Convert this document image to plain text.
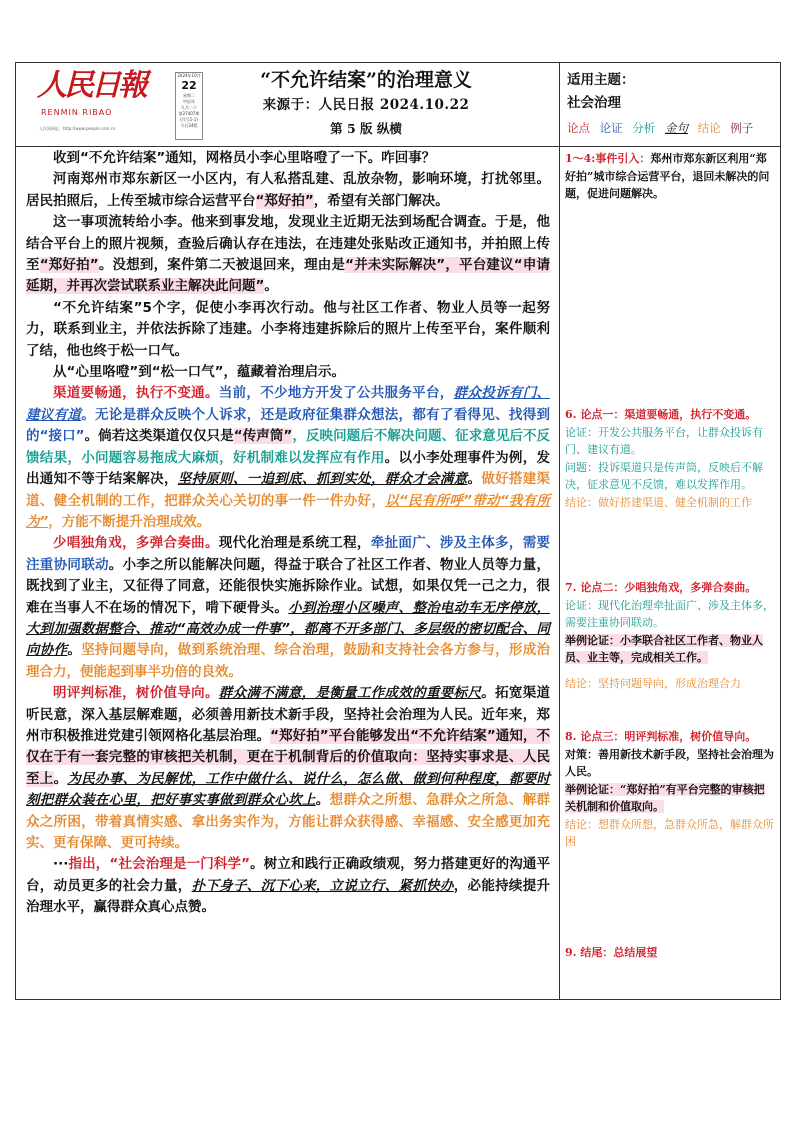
人民日報
RENMIN RIBAO
人民网网址：http://www.people.com.cn
2024年10月
22
星期二
甲辰年
九月二十
第27407期
(代号1-1)
今日24版
“不允许结案”的治理意义
来源于：人民日报 2024.10.22
第 5 版 纵横
适用主题：
社会治理
论点 论证 分析 金句 结论 例子

收到“不允许结案”通知，网格员小李心里咯噔了一下。咋回事？

河南郑州市郑东新区一小区内，有人私搭乱建、乱放杂物，影响环境，打扰邻里。居民拍照后，上传至城市综合运营平台“郑好拍”，希望有关部门解决。

这一事项流转给小李。他来到事发地，发现业主近期无法到场配合调查。于是，他结合平台上的照片视频，查验后确认存在违法，在违建处张贴改正通知书，并拍照上传至“郑好拍”。没想到，案件第二天被退回来，理由是“并未实际解决”，平台建议“申请延期，并再次尝试联系业主解决此问题”。

“不允许结案”5个字，促使小李再次行动。他与社区工作者、物业人员等一起努力，联系到业主，并依法拆除了违建。小李将违建拆除后的照片上传至平台，案件顺利了结，他也终于松一口气。

从“心里咯噔”到“松一口气”，蕴藏着治理启示。

渠道要畅通，执行不变通。当前，不少地方开发了公共服务平台，群众投诉有门、建议有道。无论是群众反映个人诉求，还是政府征集群众想法，都有了看得见、找得到的“接口”。倘若这类渠道仅仅只是“传声筒”，反映问题后不解决问题、征求意见后不反馈结果，小问题容易拖成大麻烦，好机制难以发挥应有作用。以小李处理事件为例，发出通知不等于结案解决，坚持原则、一追到底、抓到实处，群众才会满意。做好搭建渠道、健全机制的工作，把群众关心关切的事一件一件办好，以“民有所呼”带动“我有所为”，方能不断提升治理成效。

少唱独角戏，多弹合奏曲。现代化治理是系统工程，牵扯面广、涉及主体多，需要注重协同联动。小李之所以能解决问题，得益于联合了社区工作者、物业人员等力量，既找到了业主，又征得了同意，还能很快实施拆除作业。试想，如果仅凭一己之力，很难在当事人不在场的情况下，啃下硬骨头。小到治理小区噪声、整治电动车无序停放，大到加强数据整合、推动“高效办成一件事”，都离不开多部门、多层级的密切配合、同向协作。坚持问题导向，做到系统治理、综合治理，鼓励和支持社会各方参与，形成治理合力，便能起到事半功倍的良效。

明评判标准，树价值导向。群众满不满意，是衡量工作成效的重要标尺。拓宽渠道听民意，深入基层解难题，必须善用新技术新手段，坚持社会治理为人民。近年来，郑州市积极推进党建引领网格化基层治理。“郑好拍”平台能够发出“不允许结案”通知，不仅在于有一套完整的审核把关机制，更在于机制背后的价值取向：坚持实事求是、人民至上。为民办事、为民解忧，工作中做什么、说什么，怎么做、做到何种程度，都要时刻把群众装在心里，把好事实事做到群众心坎上。想群众之所想、急群众之所急、解群众之所困，带着真情实感、拿出务实作为，方能让群众获得感、幸福感、安全感更加充实、更有保障、更可持续。

···指出，“社会治理是一门科学”。树立和践行正确政绩观，努力搭建更好的沟通平台，动员更多的社会力量，扑下身子、沉下心来，立说立行、紧抓快办，必能持续提升治理水平，赢得群众真心点赞。

1～4:事件引入：郑州市郑东新区利用“郑好拍”城市综合运营平台，退回未解决的问题，促进问题解决。

6. 论点一：渠道要畅通，执行不变通。

论证：开发公共服务平台，让群众投诉有门、建议有道。

问题：投诉渠道只是传声筒，反映后不解决，征求意见不反馈，难以发挥作用。

结论：做好搭建渠道、健全机制的工作

7. 论点二：少唱独角戏，多弹合奏曲。

论证：现代化治理牵扯面广、涉及主体多，需要注重协同联动。

举例论证：小李联合社区工作者、物业人员、业主等，完成相关工作。

结论：坚持问题导向，形成治理合力

8. 论点三：明评判标准，树价值导向。

对策：善用新技术新手段，坚持社会治理为人民。

举例论证：“郑好拍”有平台完整的审核把关机制和价值取向。

结论：想群众所想，急群众所急，解群众所困

9. 结尾：总结展望
